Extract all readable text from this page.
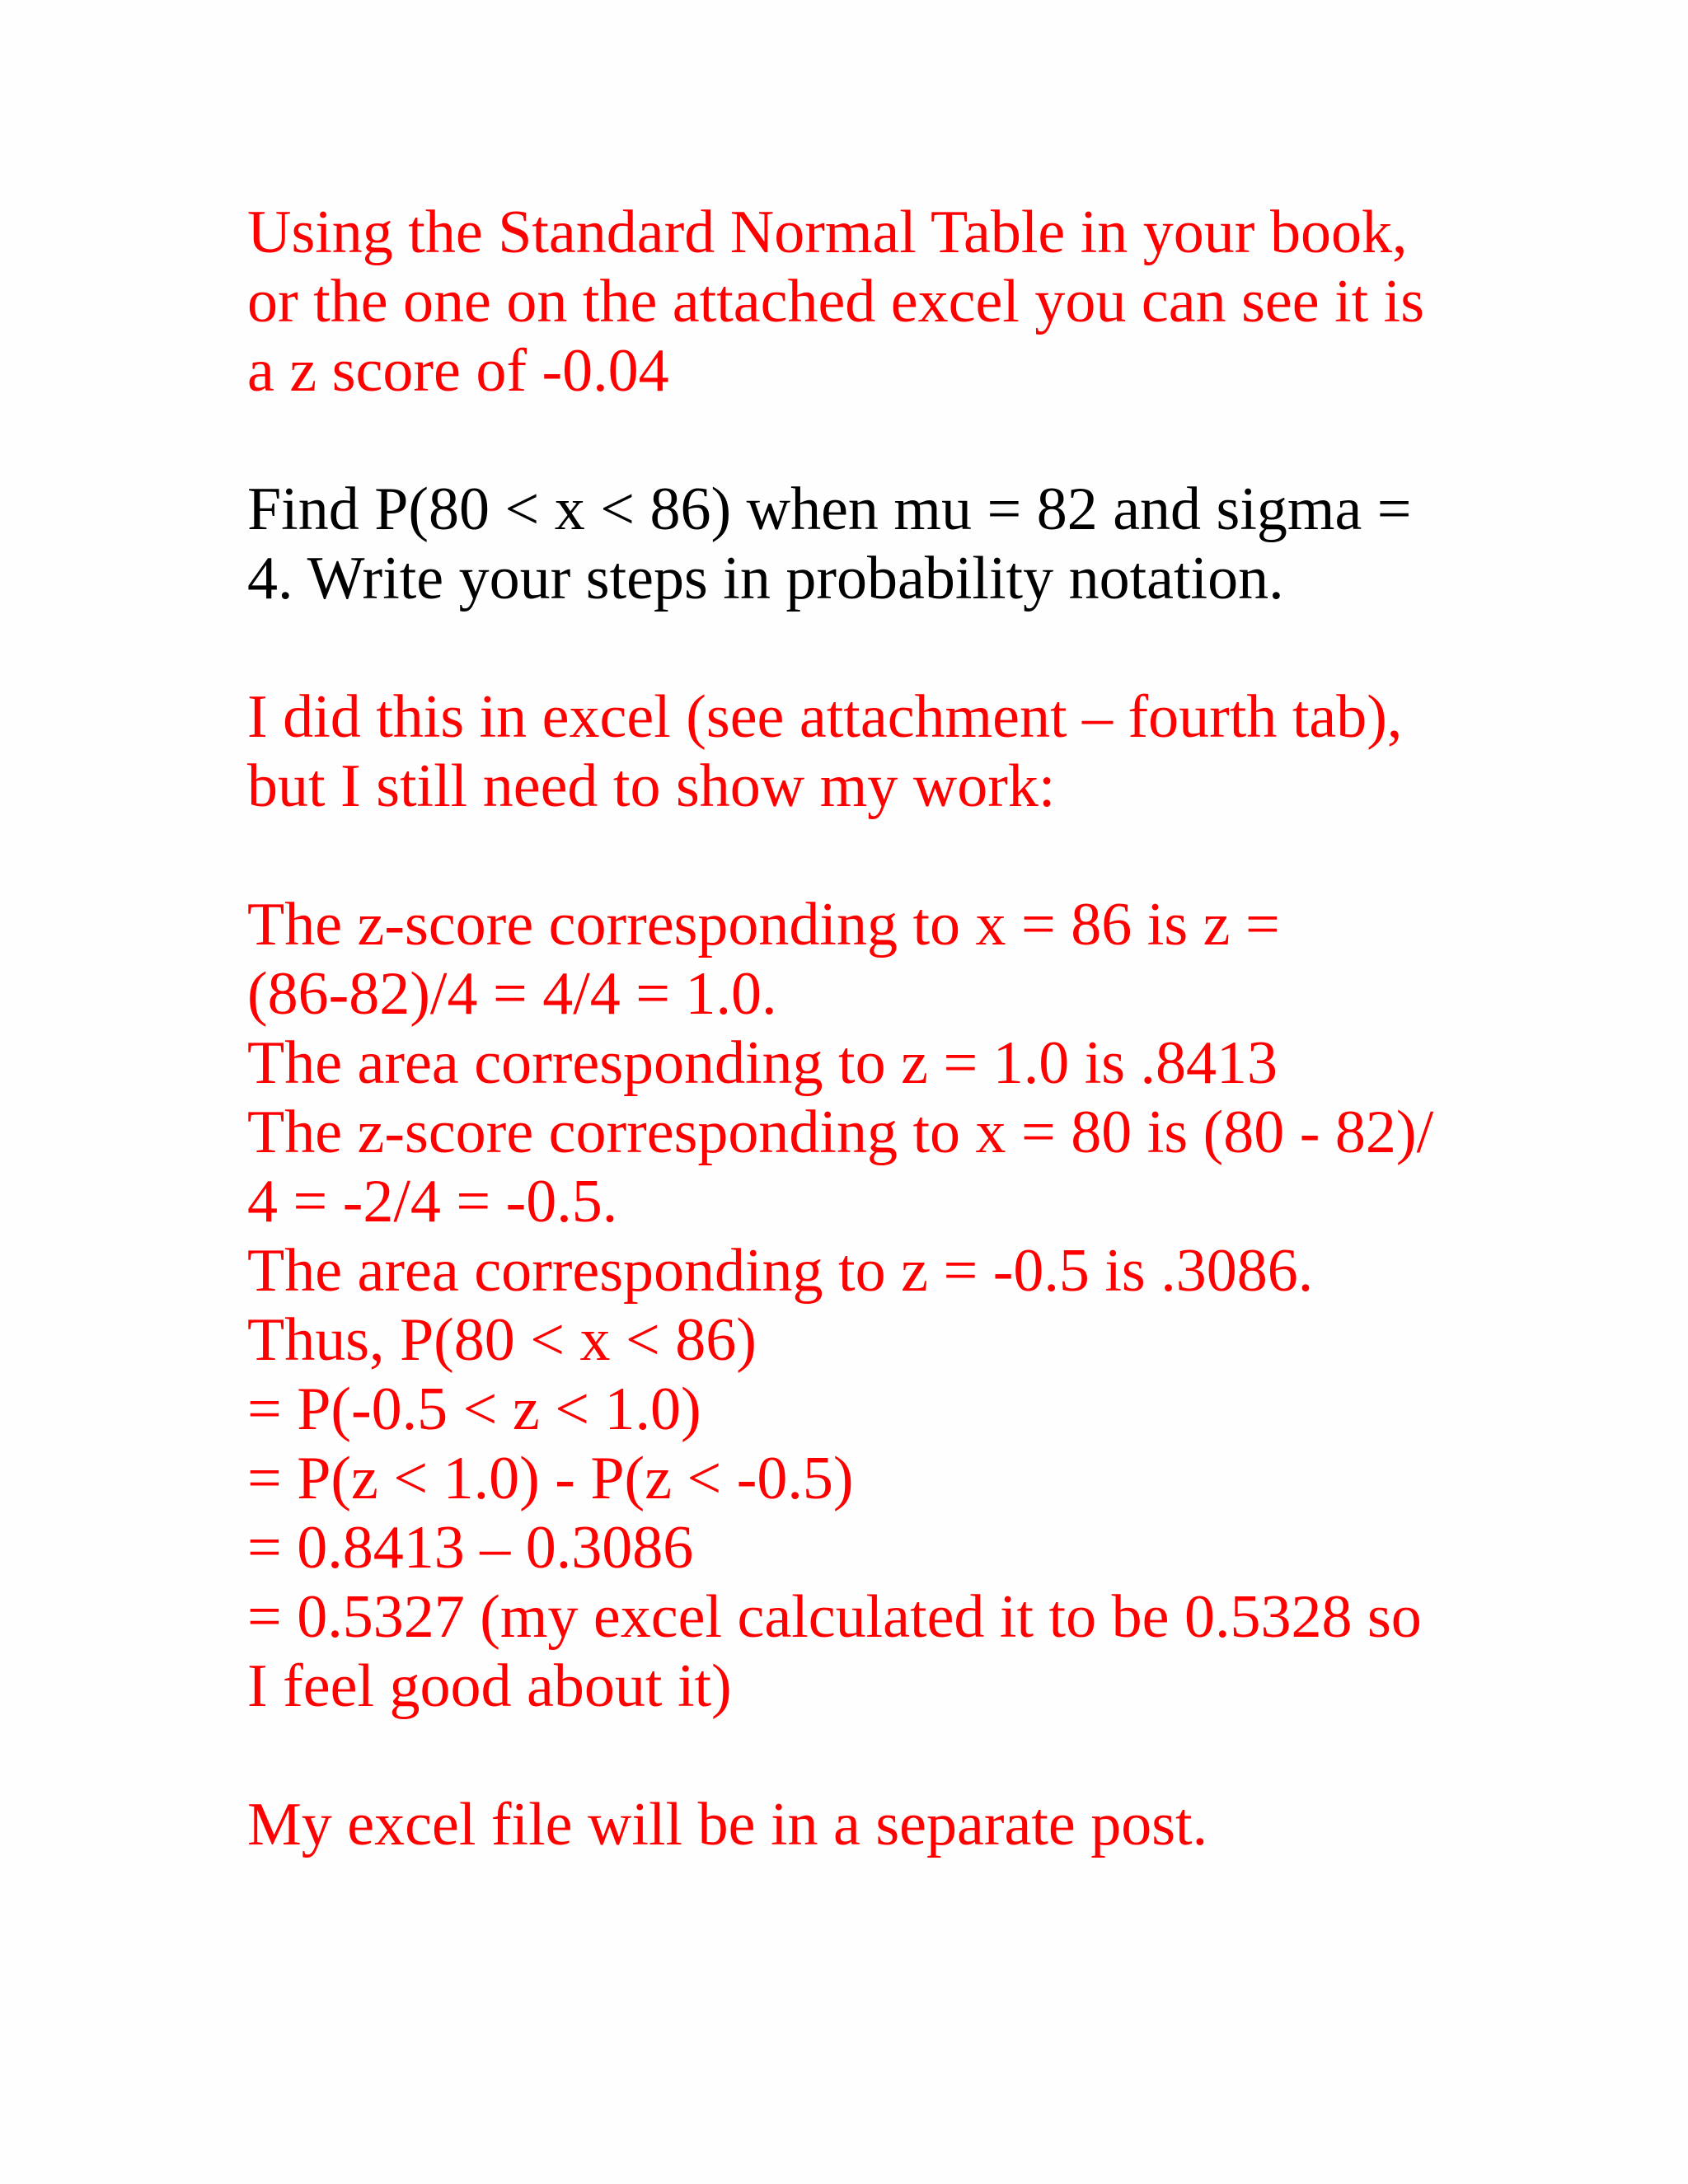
Using the Standard Normal Table in your book,
or the one on the attached excel you can see it is
a z score of -0.04
Find P(80 < x < 86) when mu = 82 and sigma =
4. Write your steps in probability notation.
I did this in excel (see attachment – fourth tab),
but I still need to show my work:
The z-score corresponding to x = 86 is z =
(86-82)/4 = 4/4 = 1.0.
The area corresponding to z = 1.0 is .8413
The z-score corresponding to x = 80 is (80 - 82)/
4 = -2/4 = -0.5.
The area corresponding to z = -0.5 is .3086.
Thus, P(80 < x < 86)
= P(-0.5 < z < 1.0)
= P(z < 1.0) - P(z < -0.5)
= 0.8413 – 0.3086
= 0.5327 (my excel calculated it to be 0.5328 so
I feel good about it)
My excel file will be in a separate post.
